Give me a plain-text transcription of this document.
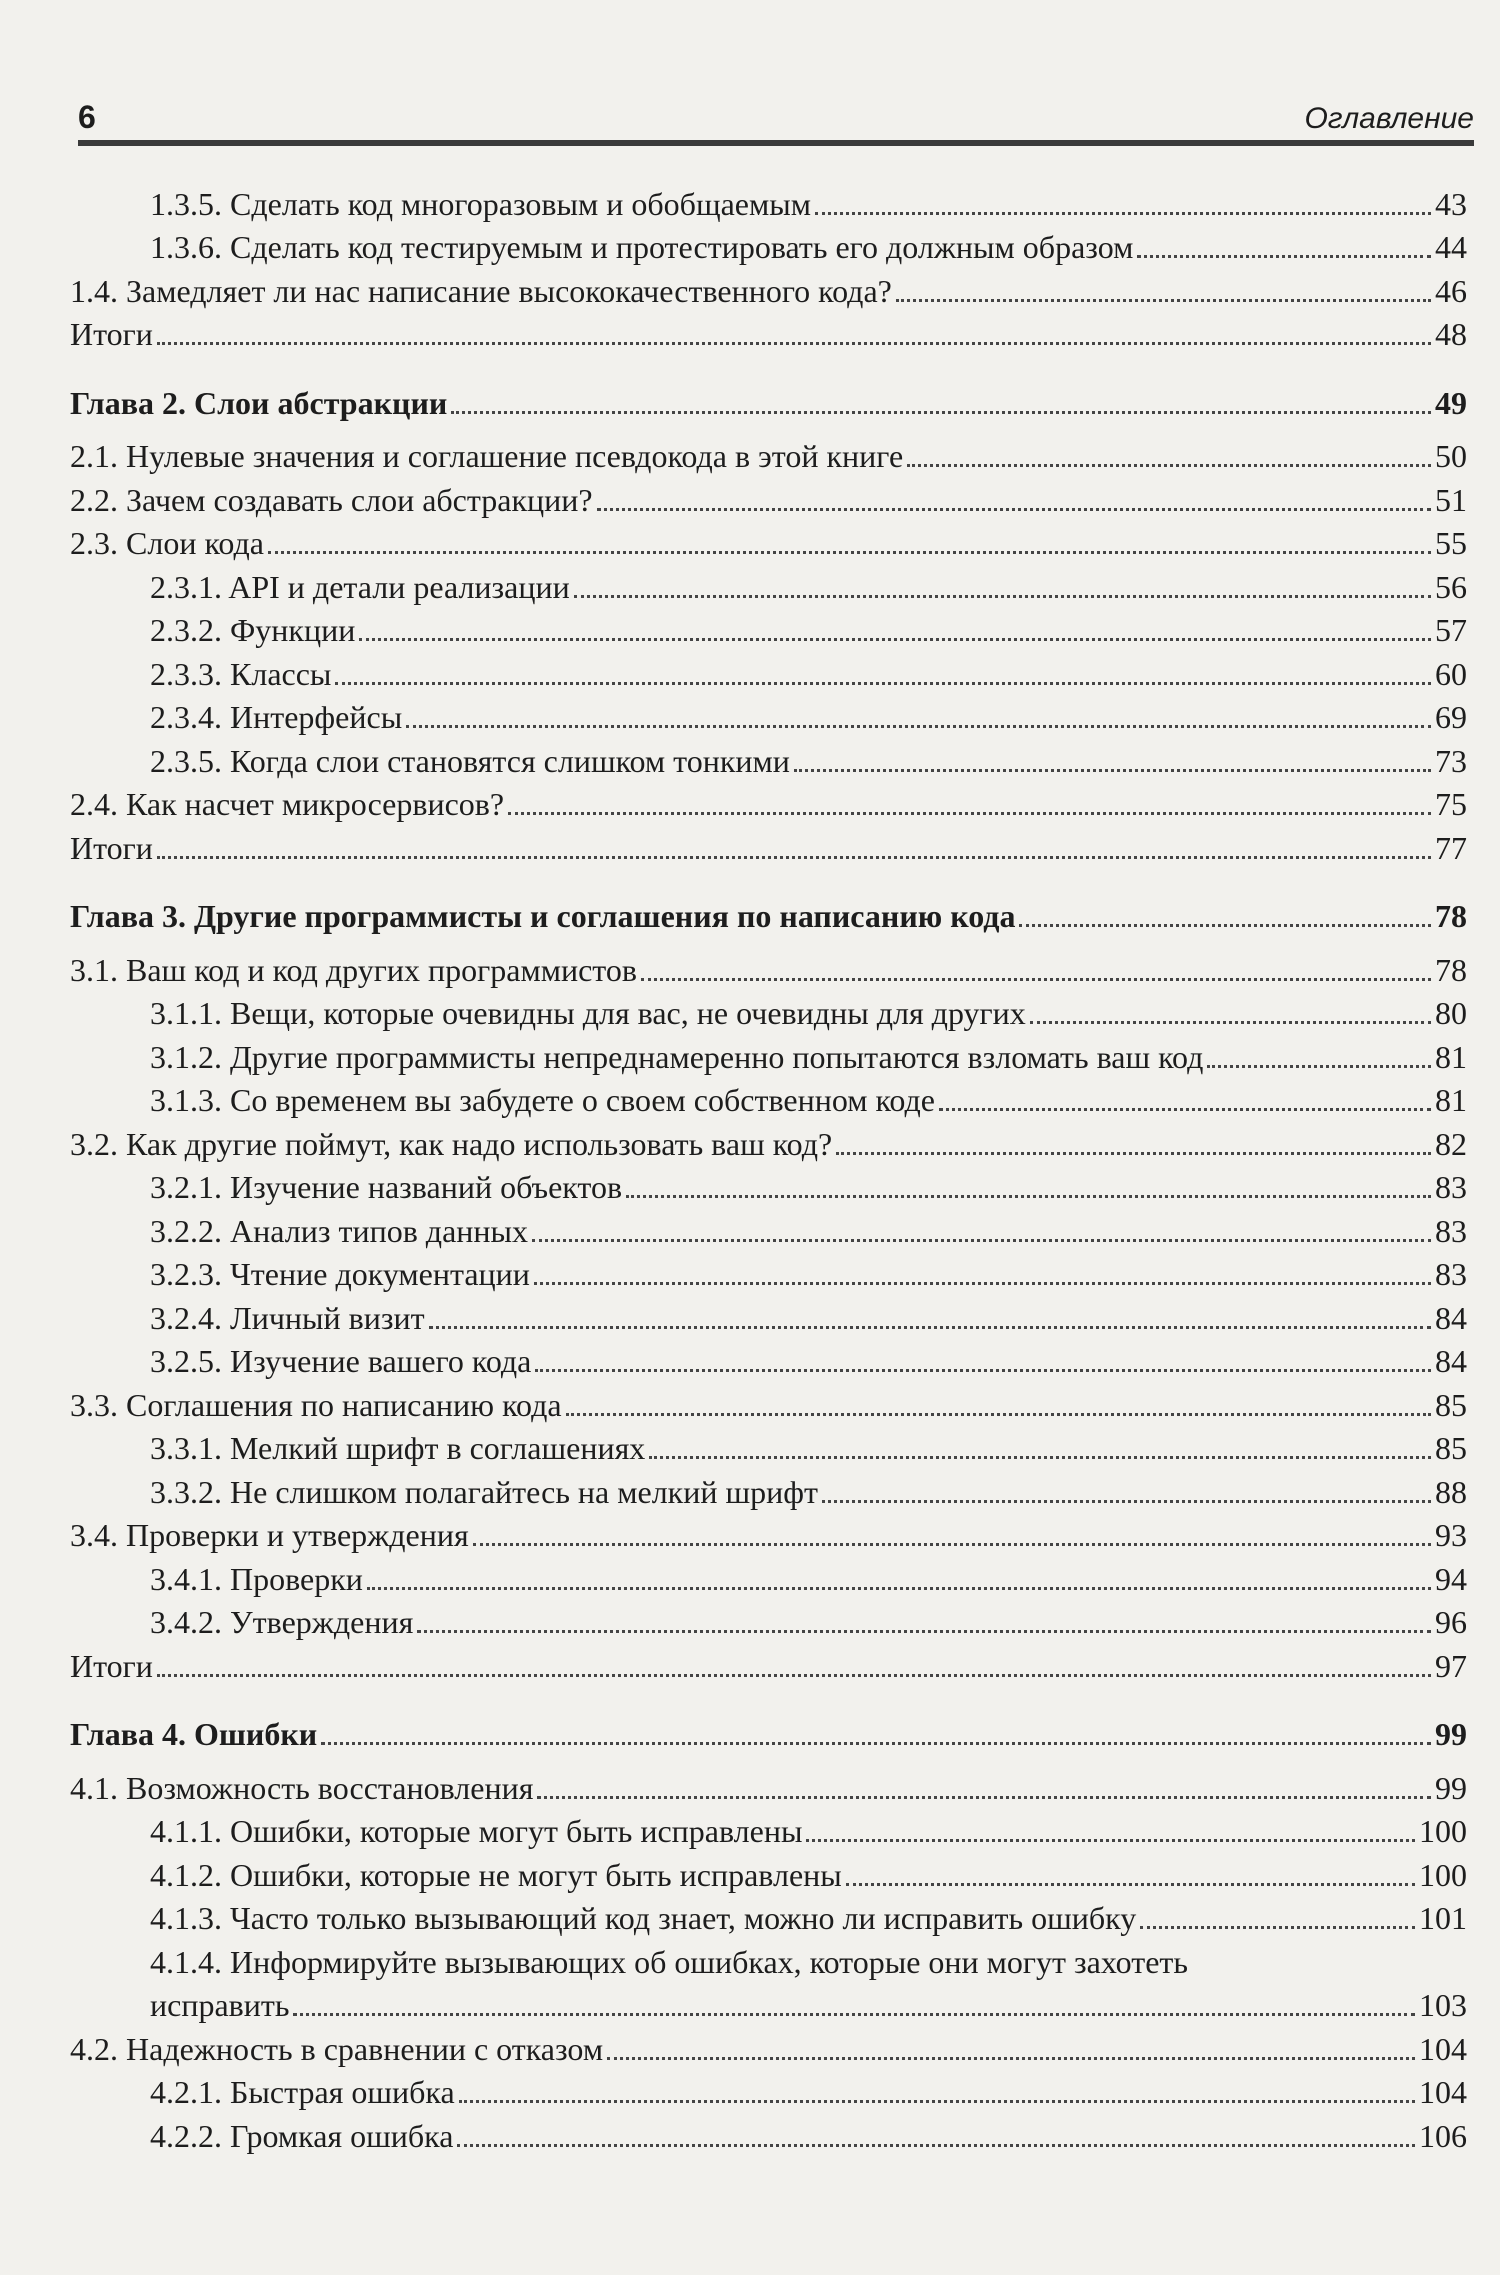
6	Оглавление
1.3.5. Сделать код многоразовым и обобщаемым	43
1.3.6. Сделать код тестируемым и протестировать его должным образом	44
1.4. Замедляет ли нас написание высококачественного кода?	46
Итоги	48
Глава 2. Слои абстракции	49
2.1. Нулевые значения и соглашение псевдокода в этой книге	50
2.2. Зачем создавать слои абстракции?	51
2.3. Слои кода	55
2.3.1. API и детали реализации	56
2.3.2. Функции	57
2.3.3. Классы	60
2.3.4. Интерфейсы	69
2.3.5. Когда слои становятся слишком тонкими	73
2.4. Как насчет микросервисов?	75
Итоги	77
Глава 3. Другие программисты и соглашения по написанию кода	78
3.1. Ваш код и код других программистов	78
3.1.1. Вещи, которые очевидны для вас, не очевидны для других	80
3.1.2. Другие программисты непреднамеренно попытаются взломать ваш код	81
3.1.3. Со временем вы забудете о своем собственном коде	81
3.2. Как другие поймут, как надо использовать ваш код?	82
3.2.1. Изучение названий объектов	83
3.2.2. Анализ типов данных	83
3.2.3. Чтение документации	83
3.2.4. Личный визит	84
3.2.5. Изучение вашего кода	84
3.3. Соглашения по написанию кода	85
3.3.1. Мелкий шрифт в соглашениях	85
3.3.2. Не слишком полагайтесь на мелкий шрифт	88
3.4. Проверки и утверждения	93
3.4.1. Проверки	94
3.4.2. Утверждения	96
Итоги	97
Глава 4. Ошибки	99
4.1. Возможность восстановления	99
4.1.1. Ошибки, которые могут быть исправлены	100
4.1.2. Ошибки, которые не могут быть исправлены	100
4.1.3. Часто только вызывающий код знает, можно ли исправить ошибку	101
4.1.4. Информируйте вызывающих об ошибках, которые они могут захотеть
исправить	103
4.2. Надежность в сравнении с отказом	104
4.2.1. Быстрая ошибка	104
4.2.2. Громкая ошибка	106
